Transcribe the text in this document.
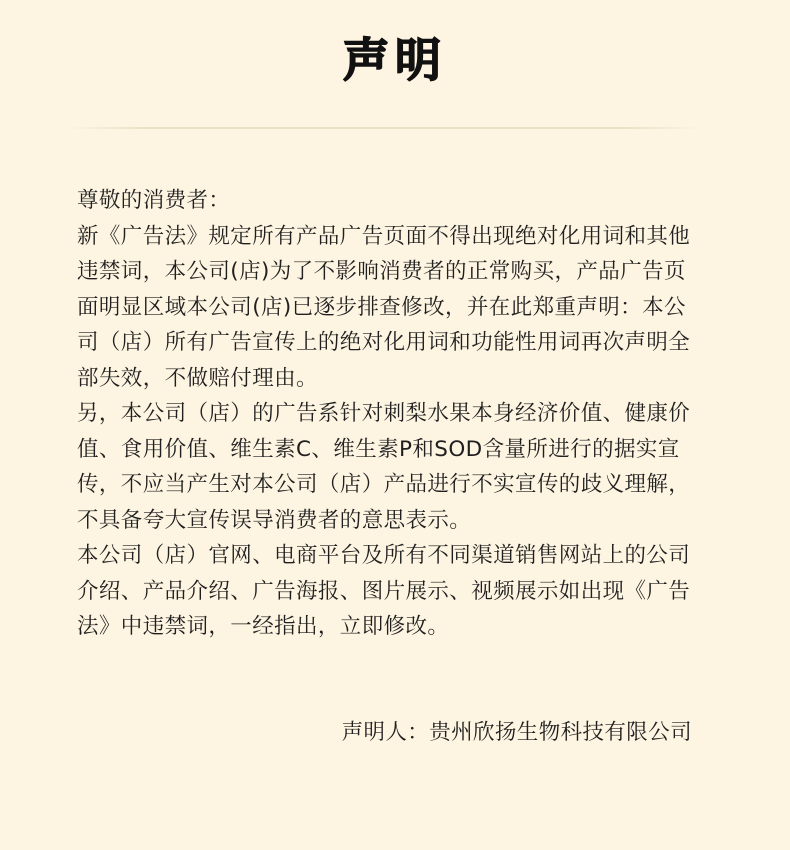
声明

尊敬的消费者：

新《广告法》规定所有产品广告页面不得出现绝对化用词和其他违禁词，本公司(店)为了不影响消费者的正常购买，产品广告页面明显区域本公司(店)已逐步排查修改，并在此郑重声明：本公司（店）所有广告宣传上的绝对化用词和功能性用词再次声明全部失效，不做赔付理由。

另，本公司（店）的广告系针对刺梨水果本身经济价值、健康价值、食用价值、维生素C、维生素P和SOD含量所进行的据实宣传，不应当产生对本公司（店）产品进行不实宣传的歧义理解，不具备夸大宣传误导消费者的意思表示。

本公司（店）官网、电商平台及所有不同渠道销售网站上的公司介绍、产品介绍、广告海报、图片展示、视频展示如出现《广告法》中违禁词，一经指出，立即修改。

声明人：贵州欣扬生物科技有限公司
